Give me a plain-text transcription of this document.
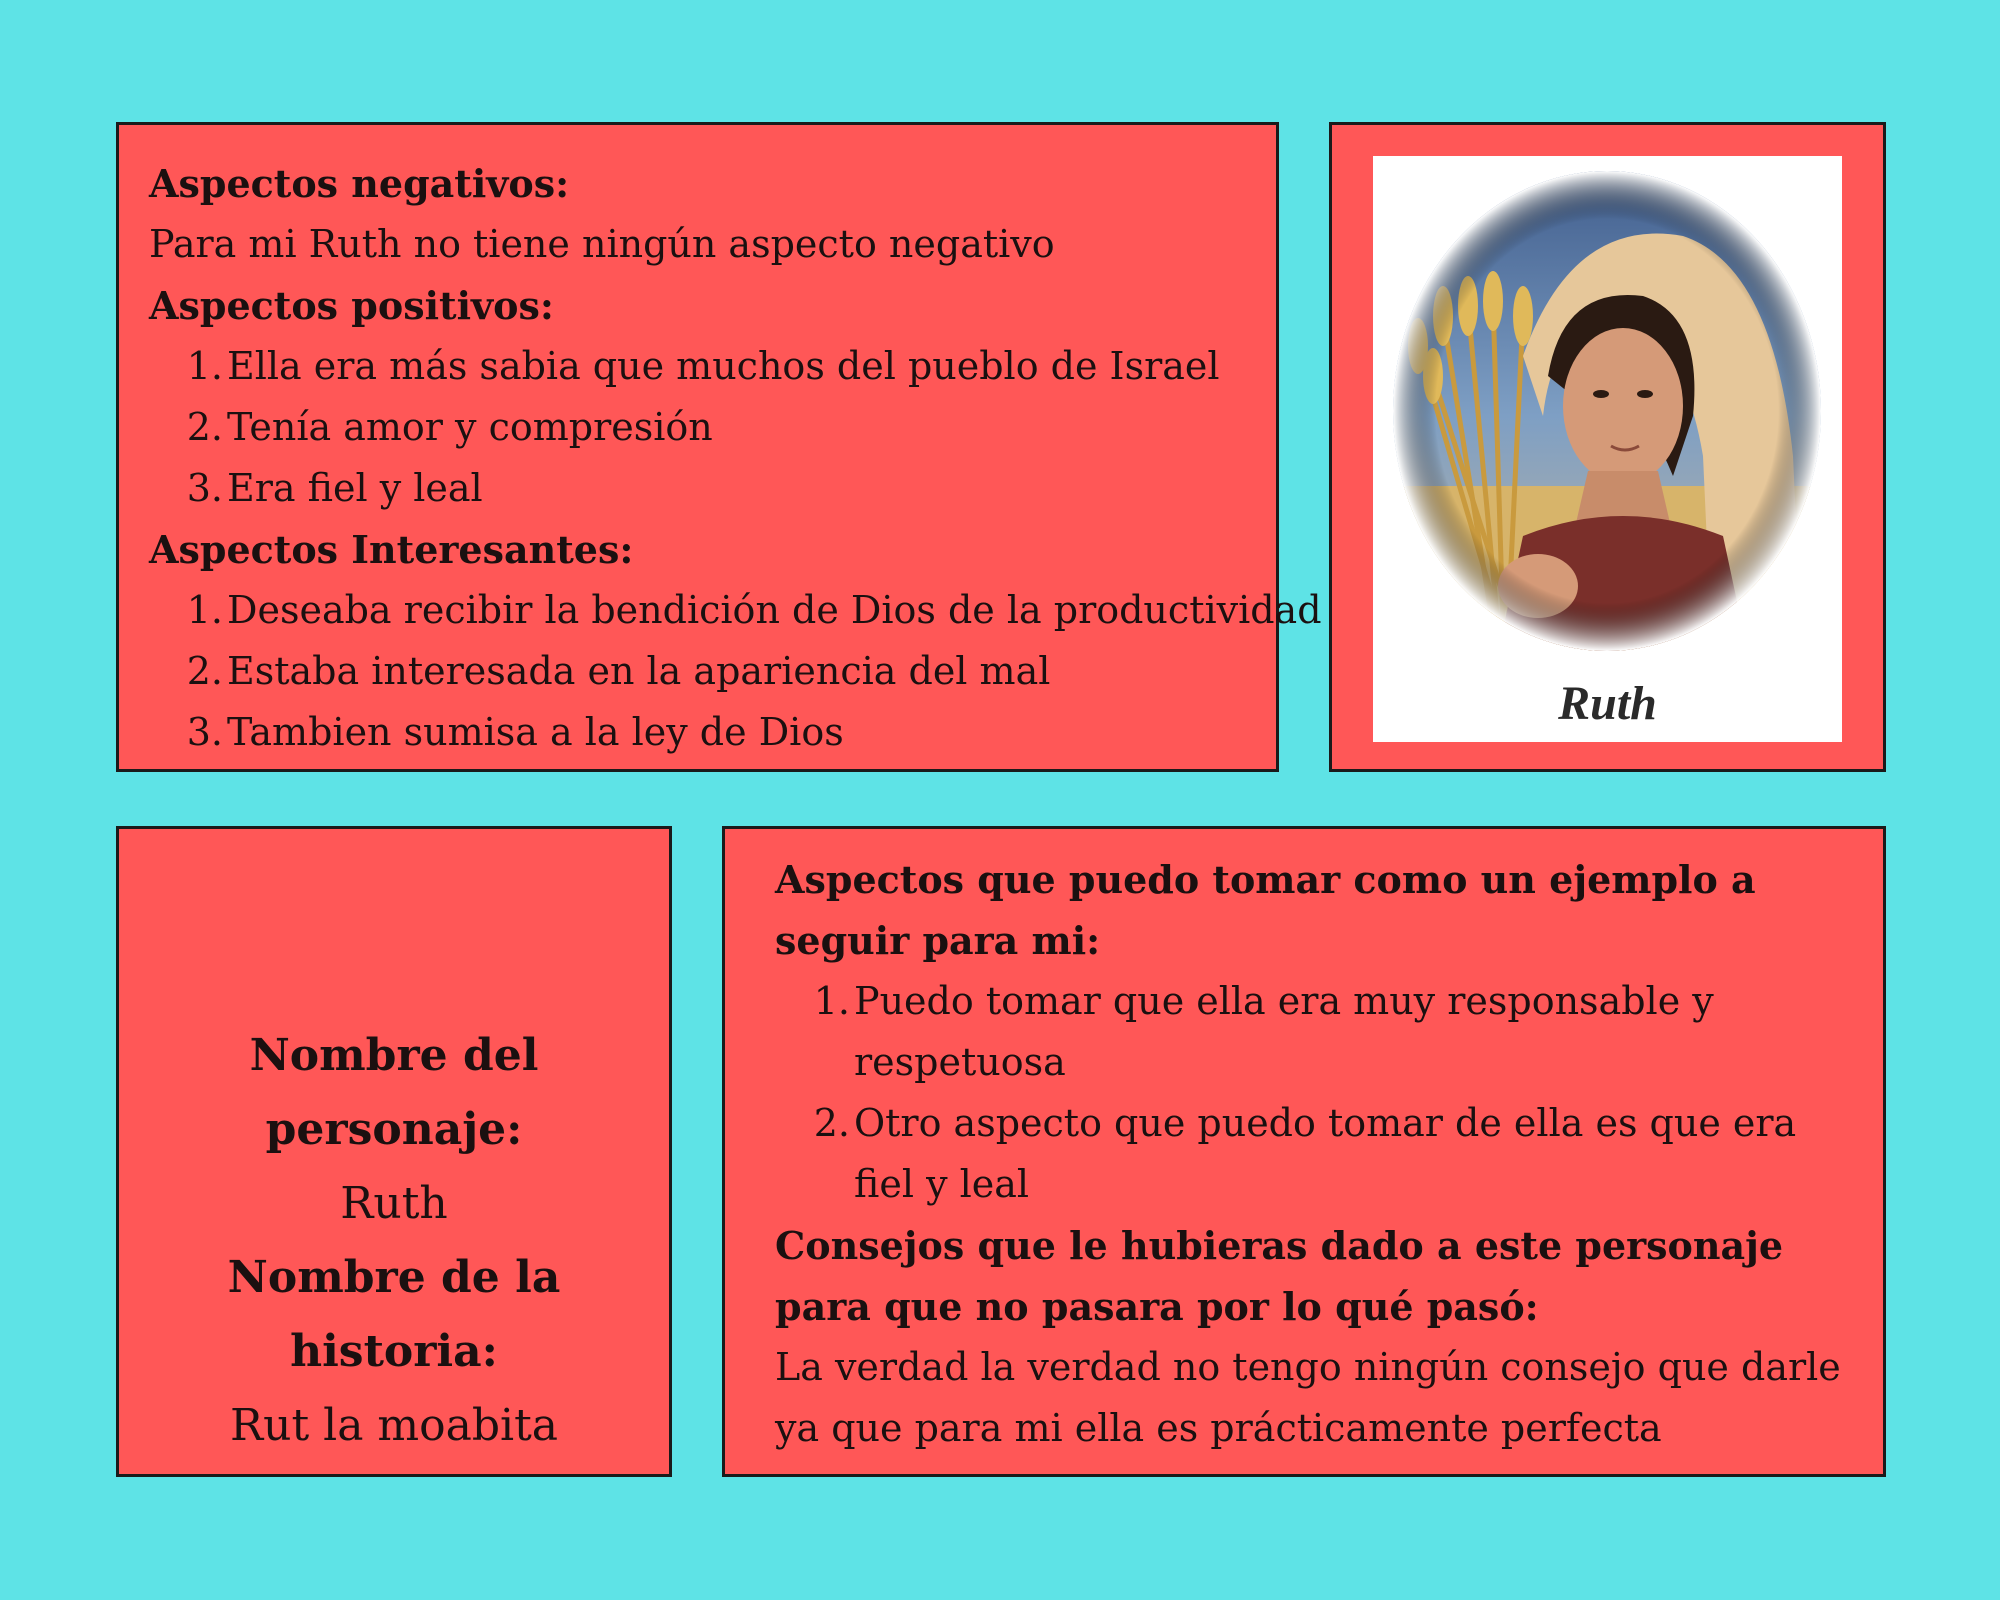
Aspectos negativos:
Para mi Ruth no tiene ningún aspecto negativo
Aspectos positivos:
1. Ella era más sabia que muchos del pueblo de Israel
2. Tenía amor y compresión
3. Era fiel y leal
Aspectos Interesantes:
1. Deseaba recibir la bendición de Dios de la productividad
2. Estaba interesada en la apariencia del mal
3. Tambien sumisa a la ley de Dios
Ruth
Nombre del personaje:
Ruth
Nombre de la historia:
Rut la moabita
Aspectos que puedo tomar como un ejemplo a seguir para mi:
1. Puedo tomar que ella era muy responsable y respetuosa
2. Otro aspecto que puedo tomar de ella es que era fiel y leal
Consejos que le hubieras dado a este personaje para que no pasara por lo qué pasó:
La verdad la verdad no tengo ningún consejo que darle ya que para mi ella es prácticamente perfecta
